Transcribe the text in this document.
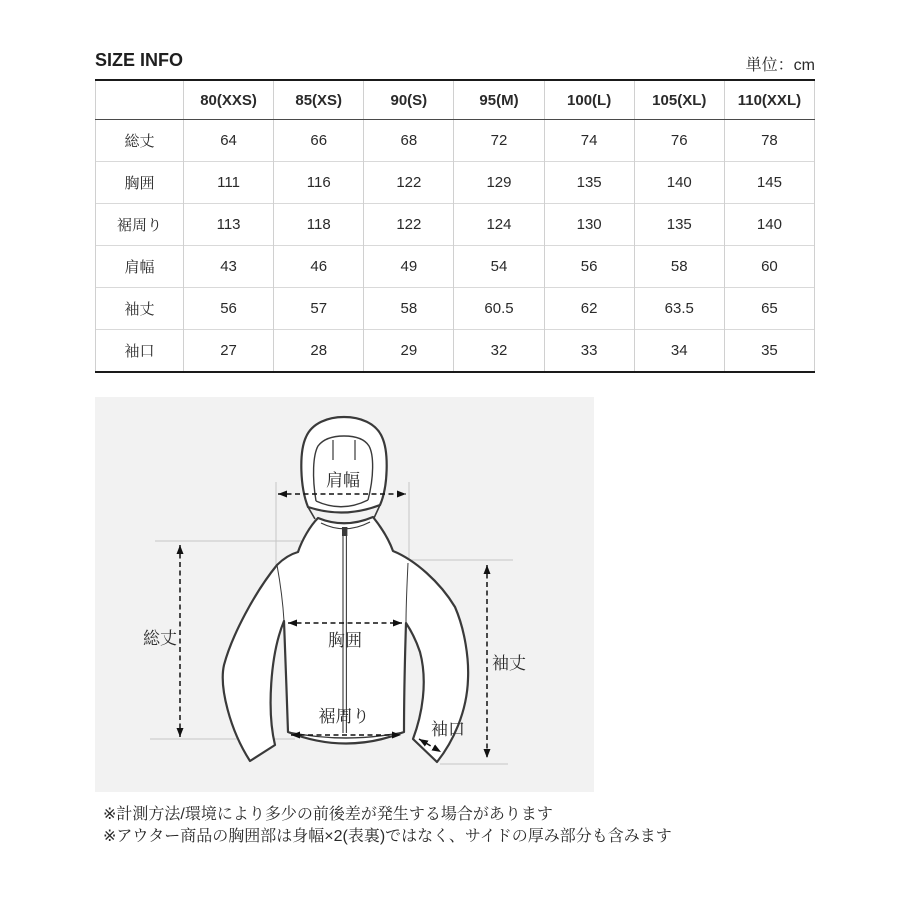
SIZE INFO	単位：cm
	80(XXS)	85(XS)	90(S)	95(M)	100(L)	105(XL)	110(XXL)
総丈	64	66	68	72	74	76	78
胸囲	111	116	122	129	135	140	145
裾周り	113	118	122	124	130	135	140
肩幅	43	46	49	54	56	58	60
袖丈	56	57	58	60.5	62	63.5	65
袖口	27	28	29	32	33	34	35
肩幅
総丈	胸囲
裾周り
袖丈
袖口
※計測方法/環境により多少の前後差が発生する場合があります
※アウター商品の胸囲部は身幅×2(表裏)ではなく、サイドの厚み部分も含みます
